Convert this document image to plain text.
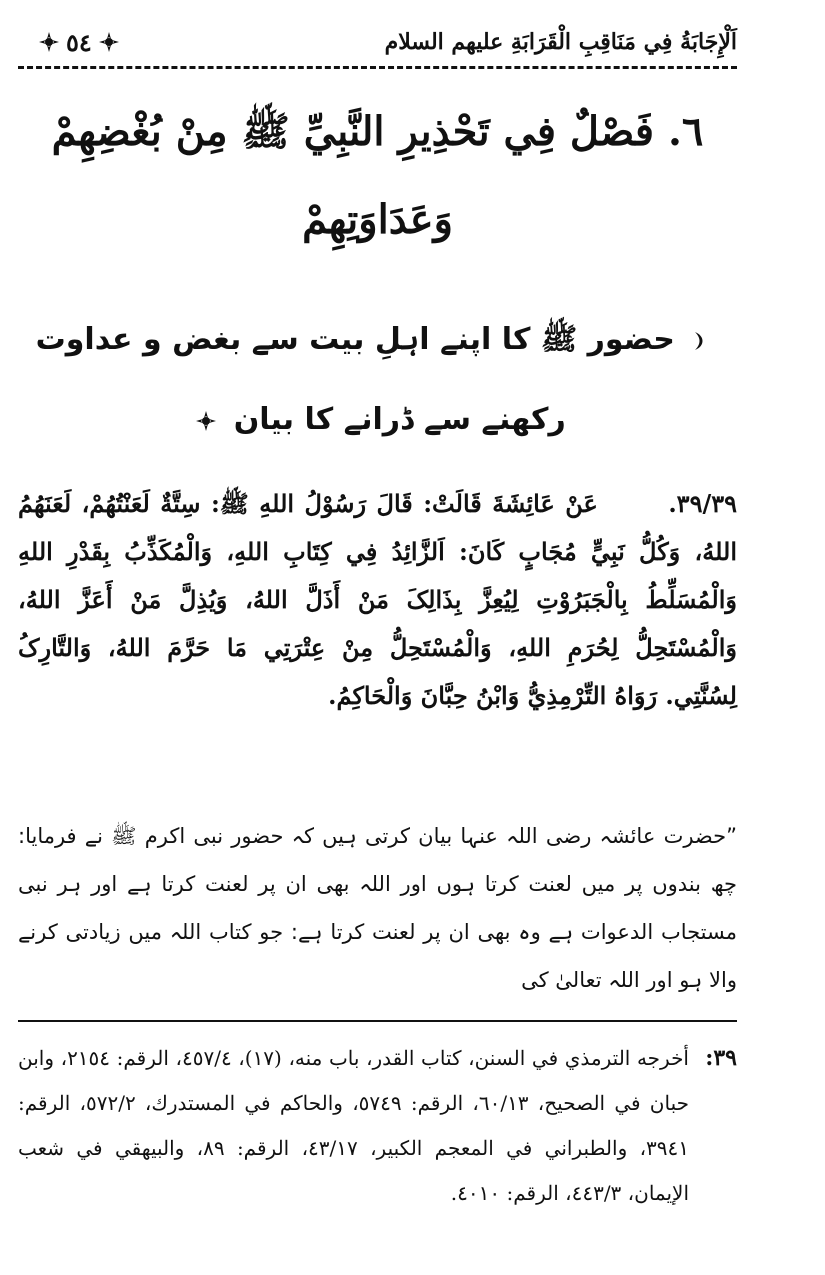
اَلْإِجَابَةُ فِي مَنَاقِبِ الْقَرَابَةِ عليهم السلام
٥٤
٦. فَصْلٌ فِي تَحْذِيرِ النَّبِيِّ ﷺ مِنْ بُغْضِهِمْ وَعَدَاوَتِهِمْ
حضور ﷺ کا اپنے اہلِ بیت سے بغض و عداوت رکھنے سے ڈرانے کا بیان
٣٩/٣٩. عَنْ عَائِشَةَ قَالَتْ: قَالَ رَسُوْلُ اللهِ ﷺ: سِتَّةٌ لَعَنْتُهُمْ، لَعَنَهُمُ اللهُ، وَكُلُّ نَبِيٍّ مُجَابٍ كَانَ: اَلزَّائِدُ فِي كِتَابِ اللهِ، وَالْمُكَذِّبُ بِقَدْرِ اللهِ وَالْمُسَلِّطُ بِالْجَبَرُوْتِ لِيُعِزَّ بِذَالِکَ مَنْ أَذَلَّ اللهُ، وَيُذِلَّ مَنْ أَعَزَّ اللهُ، وَالْمُسْتَحِلُّ لِحُرَمِ اللهِ، وَالْمُسْتَحِلُّ مِنْ عِتْرَتِي مَا حَرَّمَ اللهُ، وَالتَّارِکُ لِسُنَّتِي. رَوَاهُ التِّرْمِذِيُّ وَابْنُ حِبَّانَ وَالْحَاكِمُ.
”حضرت عائشہ رضی اللہ عنہا بیان کرتی ہیں کہ حضور نبی اکرم ﷺ نے فرمایا: چھ بندوں پر میں لعنت کرتا ہوں اور اللہ بھی ان پر لعنت کرتا ہے اور ہر نبی مستجاب الدعوات ہے وہ بھی ان پر لعنت کرتا ہے: جو کتاب اللہ میں زیادتی کرنے والا ہو اور اللہ تعالیٰ کی
٣٩:
أخرجه الترمذي في السنن، كتاب القدر، باب منه، (١٧)، ٤٥٧/٤، الرقم: ٢١٥٤، وابن حبان في الصحيح، ٦٠/١٣، الرقم: ٥٧٤٩، والحاكم في المستدرك، ٥٧٢/٢، الرقم: ٣٩٤١، والطبراني في المعجم الكبير، ٤٣/١٧، الرقم: ٨٩، والبيهقي في شعب الإيمان، ٤٤٣/٣، الرقم: ٤٠١٠.
